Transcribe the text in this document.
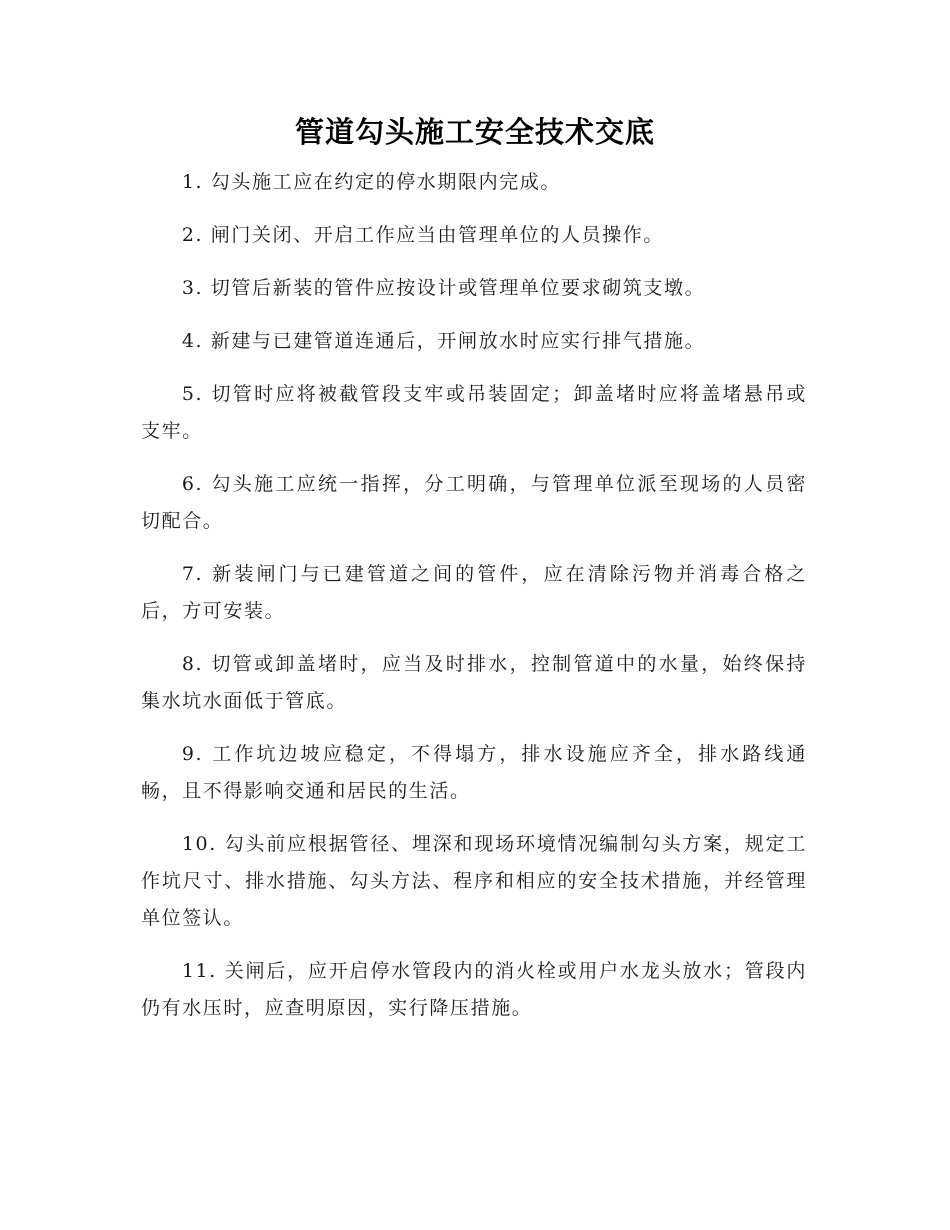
管道勾头施工安全技术交底

1. 勾头施工应在约定的停水期限内完成。

2. 闸门关闭、开启工作应当由管理单位的人员操作。

3. 切管后新装的管件应按设计或管理单位要求砌筑支墩。

4. 新建与已建管道连通后，开闸放水时应实行排气措施。

5. 切管时应将被截管段支牢或吊装固定；卸盖堵时应将盖堵悬吊或支牢。

6. 勾头施工应统一指挥，分工明确，与管理单位派至现场的人员密切配合。

7. 新装闸门与已建管道之间的管件，应在清除污物并消毒合格之后，方可安装。

8. 切管或卸盖堵时，应当及时排水，控制管道中的水量，始终保持集水坑水面低于管底。

9. 工作坑边坡应稳定，不得塌方，排水设施应齐全，排水路线通畅，且不得影响交通和居民的生活。

10. 勾头前应根据管径、埋深和现场环境情况编制勾头方案，规定工作坑尺寸、排水措施、勾头方法、程序和相应的安全技术措施，并经管理单位签认。

11. 关闸后，应开启停水管段内的消火栓或用户水龙头放水；管段内仍有水压时，应查明原因，实行降压措施。
